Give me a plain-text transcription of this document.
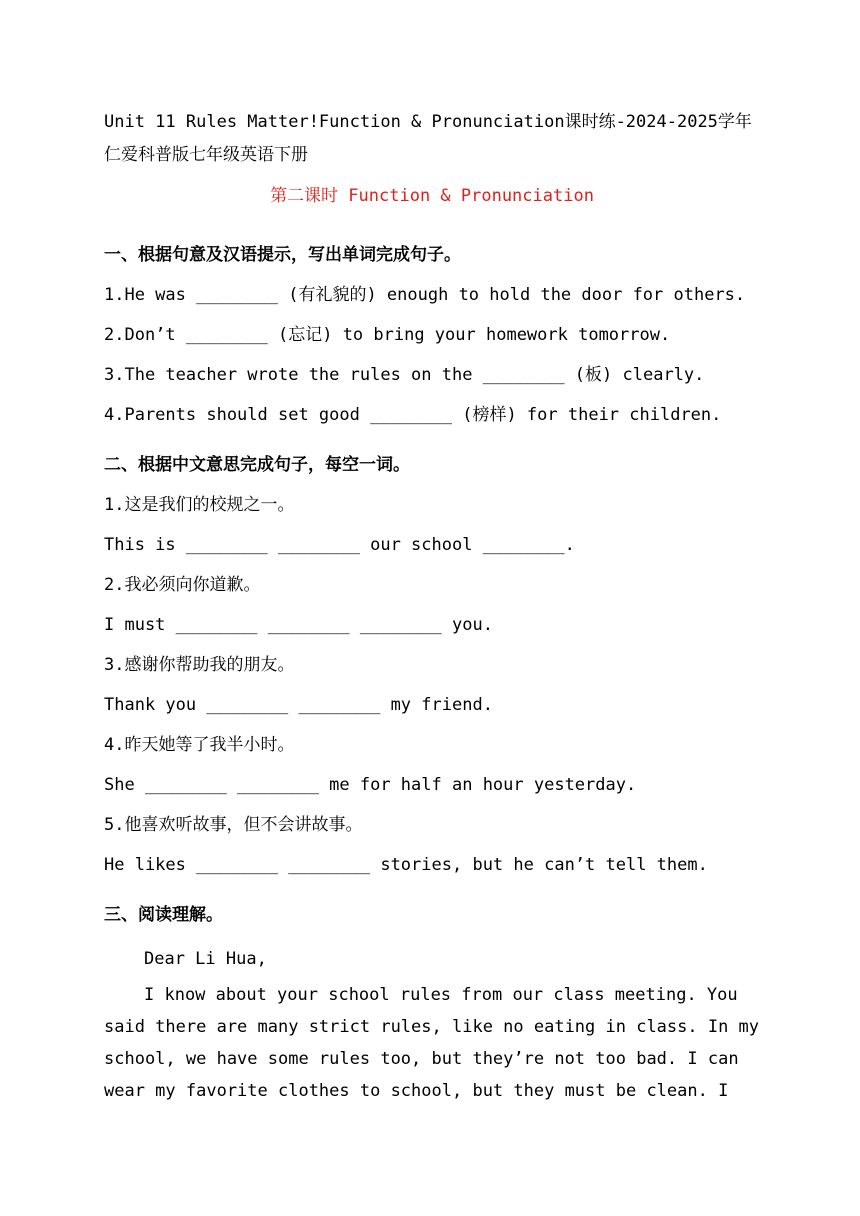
Unit 11 Rules Matter!Function & Pronunciation课时练-2024-2025学年仁爱科普版七年级英语下册

第二课时 Function & Pronunciation

一、根据句意及汉语提示，写出单词完成句子。

1.He was ________ (有礼貌的) enough to hold the door for others.

2.Don’t ________ (忘记) to bring your homework tomorrow.

3.The teacher wrote the rules on the ________ (板) clearly.

4.Parents should set good ________ (榜样) for their children.

二、根据中文意思完成句子，每空一词。

1.这是我们的校规之一。

This is ________ ________ our school ________.

2.我必须向你道歉。

I must ________ ________ ________ you.

3.感谢你帮助我的朋友。

Thank you ________ ________ my friend.

4.昨天她等了我半小时。

She ________ ________ me for half an hour yesterday.

5.他喜欢听故事，但不会讲故事。

He likes ________ ________ stories, but he can’t tell them.

三、阅读理解。

Dear Li Hua,

I know about your school rules from our class meeting. You said there are many strict rules, like no eating in class. In my school, we have some rules too, but they’re not too bad. I can wear my favorite clothes to school, but they must be clean. I
